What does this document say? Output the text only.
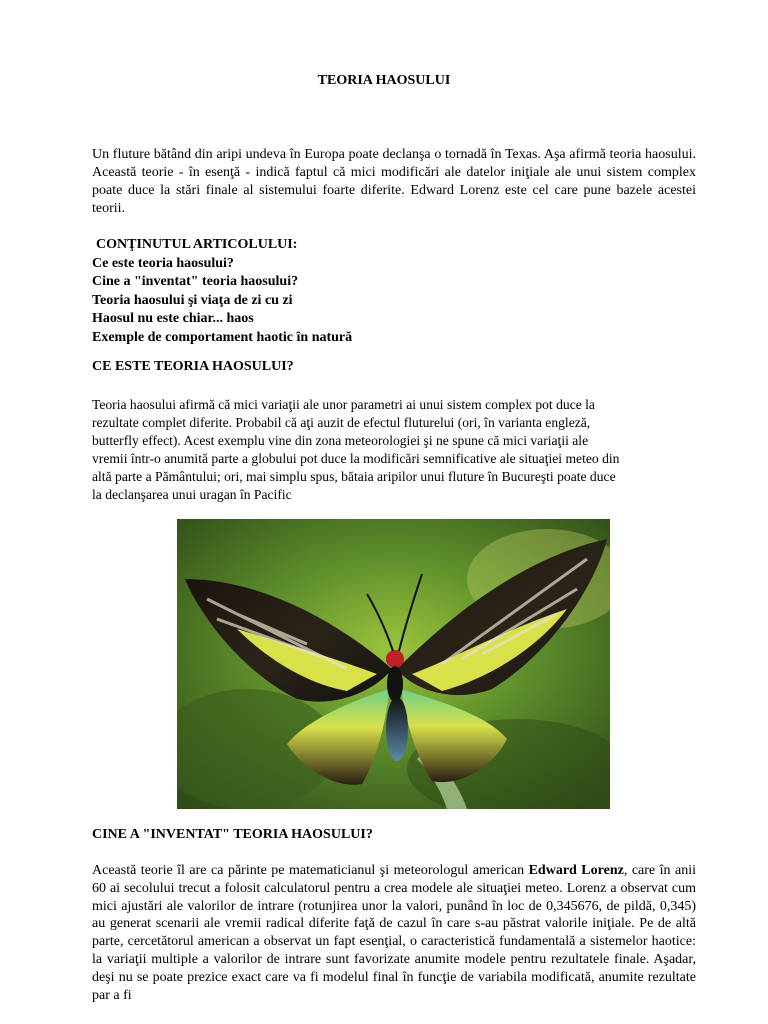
TEORIA HAOSULUI

Un fluture bătând din aripi undeva în Europa poate declanşa o tornadă în Texas. Aşa afirmă teoria haosului. Această teorie - în esenţă - indică faptul că mici modificări ale datelor iniţiale ale unui sistem complex poate duce la stări finale al sistemului foarte diferite. Edward Lorenz este cel care pune bazele acestei teorii.

CONŢINUTUL ARTICOLULUI:
Ce este teoria haosului?
Cine a "inventat" teoria haosului?
Teoria haosului şi viaţa de zi cu zi
Haosul nu este chiar... haos
Exemple de comportament haotic în natură
CE ESTE TEORIA HAOSULUI?
Teoria haosului afirmă că mici variaţii ale unor parametri ai unui sistem complex pot duce la
rezultate complet diferite. Probabil că aţi auzit de efectul fluturelui (ori, în varianta engleză,
butterfly effect). Acest exemplu vine din zona meteorologiei şi ne spune că mici variaţii ale
vremii într-o anumită parte a globului pot duce la modificări semnificative ale situaţiei meteo din
altă parte a Pământului; ori, mai simplu spus, bătaia aripilor unui fluture în Bucureşti poate duce
la declanşarea unui uragan în Pacific
CINE A "INVENTAT" TEORIA HAOSULUI?

Această teorie îl are ca părinte pe matematicianul şi meteorologul american Edward Lorenz, care în anii 60 ai secolului trecut a folosit calculatorul pentru a crea modele ale situaţiei meteo. Lorenz a observat cum mici ajustări ale valorilor de intrare (rotunjirea unor la valori, punând în loc de 0,345676, de pildă, 0,345) au generat scenarii ale vremii radical diferite faţă de cazul în care s-au păstrat valorile iniţiale. Pe de altă parte, cercetătorul american a observat un fapt esenţial, o caracteristică fundamentală a sistemelor haotice: la variaţii multiple a valorilor de intrare sunt favorizate anumite modele pentru rezultatele finale. Aşadar, deşi nu se poate prezice exact care va fi modelul final în funcţie de variabila modificată, anumite rezultate par a fi
